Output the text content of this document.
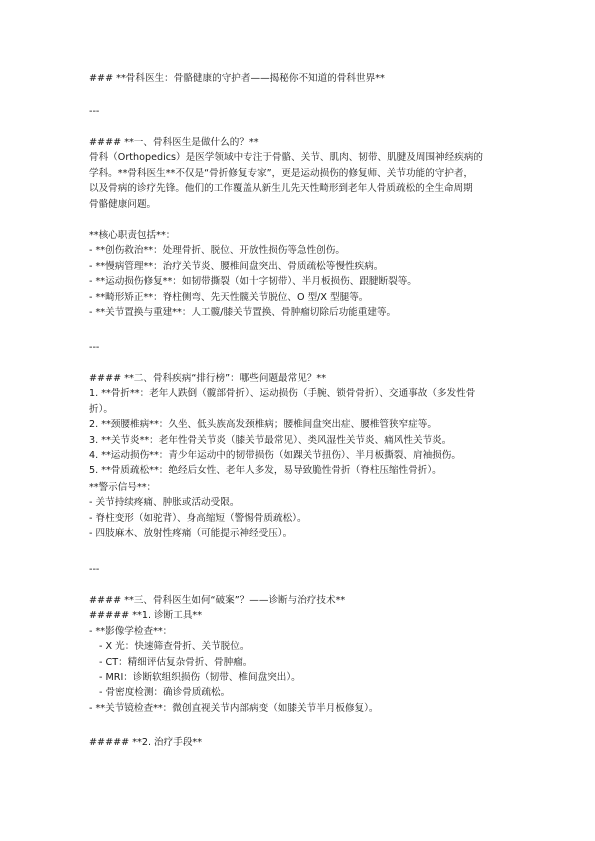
### **骨科医生：骨骼健康的守护者——揭秘你不知道的骨科世界**
---
#### **一、骨科医生是做什么的？**
骨科（Orthopedics）是医学领域中专注于骨骼、关节、肌肉、韧带、肌腱及周围神经疾病的
学科。**骨科医生**不仅是“骨折修复专家”，更是运动损伤的修复师、关节功能的守护者，
以及骨病的诊疗先锋。他们的工作覆盖从新生儿先天性畸形到老年人骨质疏松的全生命周期
骨骼健康问题。
**核心职责包括**：
- **创伤救治**：处理骨折、脱位、开放性损伤等急性创伤。
- **慢病管理**：治疗关节炎、腰椎间盘突出、骨质疏松等慢性疾病。
- **运动损伤修复**：如韧带撕裂（如十字韧带）、半月板损伤、跟腱断裂等。
- **畸形矫正**：脊柱侧弯、先天性髋关节脱位、O 型/X 型腿等。
- **关节置换与重建**：人工髋/膝关节置换、骨肿瘤切除后功能重建等。
---
#### **二、骨科疾病“排行榜”：哪些问题最常见？**
1. **骨折**：老年人跌倒（髋部骨折）、运动损伤（手腕、锁骨骨折）、交通事故（多发性骨
折）。
2. **颈腰椎病**：久坐、低头族高发颈椎病；腰椎间盘突出症、腰椎管狭窄症等。
3. **关节炎**：老年性骨关节炎（膝关节最常见）、类风湿性关节炎、痛风性关节炎。
4. **运动损伤**：青少年运动中的韧带损伤（如踝关节扭伤）、半月板撕裂、肩袖损伤。
5. **骨质疏松**：绝经后女性、老年人多发，易导致脆性骨折（脊柱压缩性骨折）。
**警示信号**：
- 关节持续疼痛、肿胀或活动受限。
- 脊柱变形（如驼背）、身高缩短（警惕骨质疏松）。
- 四肢麻木、放射性疼痛（可能提示神经受压）。
---
#### **三、骨科医生如何“破案”？——诊断与治疗技术**
##### **1. 诊断工具**
- **影像学检查**：
- X 光：快速筛查骨折、关节脱位。
- CT：精细评估复杂骨折、骨肿瘤。
- MRI：诊断软组织损伤（韧带、椎间盘突出）。
- 骨密度检测：确诊骨质疏松。
- **关节镜检查**：微创直视关节内部病变（如膝关节半月板修复）。
##### **2. 治疗手段**
